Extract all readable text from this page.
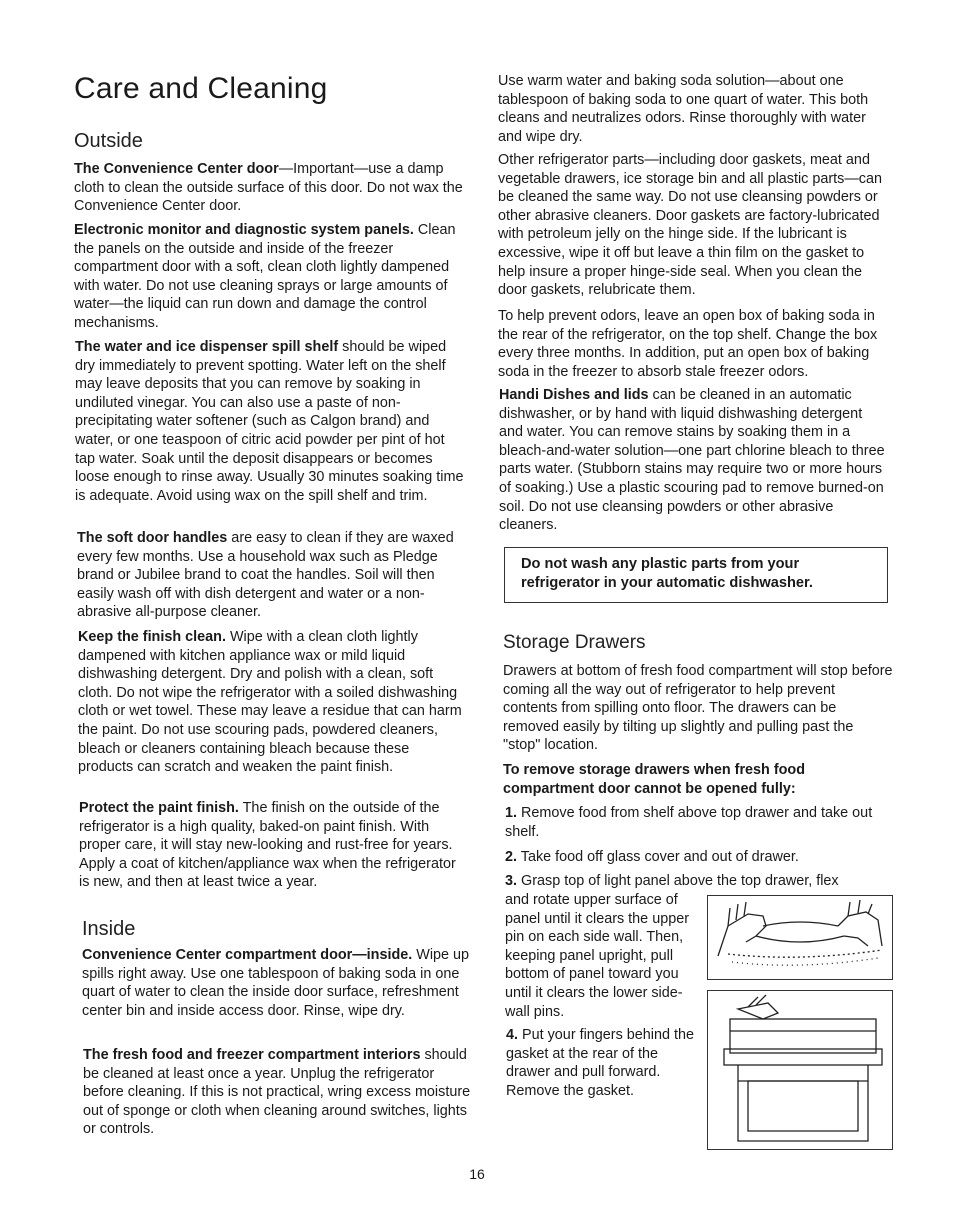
Care and Cleaning
Outside

The Convenience Center door—Important—use a damp cloth to clean the outside surface of this door. Do not wax the Convenience Center door.

Electronic monitor and diagnostic system panels. Clean the panels on the outside and inside of the freezer compartment door with a soft, clean cloth lightly dampened with water. Do not use cleaning sprays or large amounts of water—the liquid can run down and damage the control mechanisms.

The water and ice dispenser spill shelf should be wiped dry immediately to prevent spotting. Water left on the shelf may leave deposits that you can remove by soaking in undiluted vinegar. You can also use a paste of non-precipitating water softener (such as Calgon brand) and water, or one teaspoon of citric acid powder per pint of hot tap water. Soak until the deposit disappears or becomes loose enough to rinse away. Usually 30 minutes soaking time is adequate. Avoid using wax on the spill shelf and trim.

The soft door handles are easy to clean if they are waxed every few months. Use a household wax such as Pledge brand or Jubilee brand to coat the handles. Soil will then easily wash off with dish detergent and water or a non-abrasive all-purpose cleaner.

Keep the finish clean. Wipe with a clean cloth lightly dampened with kitchen appliance wax or mild liquid dishwashing detergent. Dry and polish with a clean, soft cloth. Do not wipe the refrigerator with a soiled dishwashing cloth or wet towel. These may leave a residue that can harm the paint. Do not use scouring pads, powdered cleaners, bleach or cleaners containing bleach because these products can scratch and weaken the paint finish.

Protect the paint finish. The finish on the outside of the refrigerator is a high quality, baked-on paint finish. With proper care, it will stay new-looking and rust-free for years. Apply a coat of kitchen/appliance wax when the refrigerator is new, and then at least twice a year.

Inside

Convenience Center compartment door—inside. Wipe up spills right away. Use one tablespoon of baking soda in one quart of water to clean the inside door surface, refreshment center bin and inside access door. Rinse, wipe dry.

The fresh food and freezer compartment interiors should be cleaned at least once a year. Unplug the refrigerator before cleaning. If this is not practical, wring excess moisture out of sponge or cloth when cleaning around switches, lights or controls.

Use warm water and baking soda solution—about one tablespoon of baking soda to one quart of water. This both cleans and neutralizes odors. Rinse thoroughly with water and wipe dry.

Other refrigerator parts—including door gaskets, meat and vegetable drawers, ice storage bin and all plastic parts—can be cleaned the same way. Do not use cleansing powders or other abrasive cleaners. Door gaskets are factory-lubricated with petroleum jelly on the hinge side. If the lubricant is excessive, wipe it off but leave a thin film on the gasket to help insure a proper hinge-side seal. When you clean the door gaskets, relubricate them.

To help prevent odors, leave an open box of baking soda in the rear of the refrigerator, on the top shelf. Change the box every three months. In addition, put an open box of baking soda in the freezer to absorb stale freezer odors.

Handi Dishes and lids can be cleaned in an automatic dishwasher, or by hand with liquid dishwashing detergent and water. You can remove stains by soaking them in a bleach-and-water solution—one part chlorine bleach to three parts water. (Stubborn stains may require two or more hours of soaking.) Use a plastic scouring pad to remove burned-on soil. Do not use cleansing powders or other abrasive cleaners.

Do not wash any plastic parts from your refrigerator in your automatic dishwasher.
Storage Drawers

Drawers at bottom of fresh food compartment will stop before coming all the way out of refrigerator to help prevent contents from spilling onto floor. The drawers can be removed easily by tilting up slightly and pulling past the "stop" location.

To remove storage drawers when fresh food compartment door cannot be opened fully:

1. Remove food from shelf above top drawer and take out shelf.

2. Take food off glass cover and out of drawer.

3. Grasp top of light panel above the top drawer, flex

and rotate upper surface of panel until it clears the upper pin on each side wall. Then, keeping panel upright, pull bottom of panel toward you until it clears the lower side-wall pins.

4. Put your fingers behind the gasket at the rear of the drawer and pull forward. Remove the gasket.

16
